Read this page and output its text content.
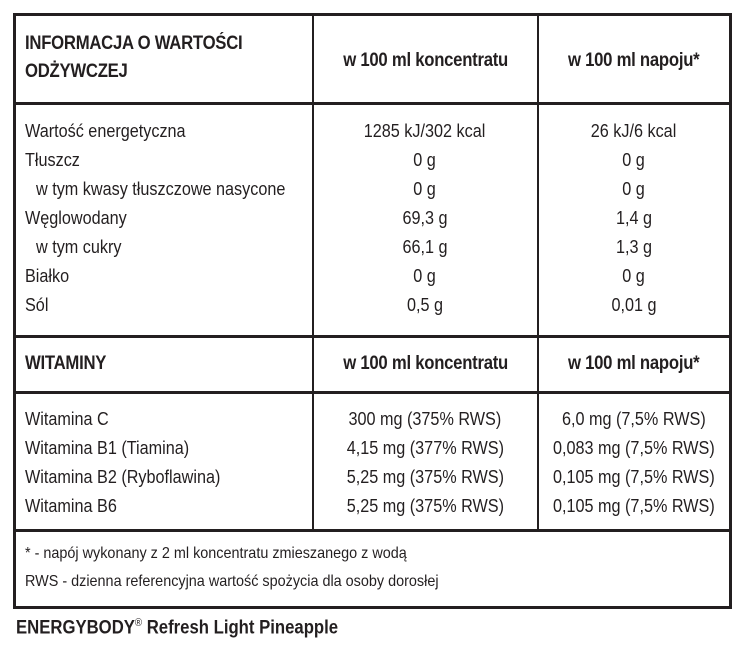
INFORMACJA O WARTOŚCI
ODŻYWCZEJ
w 100 ml koncentratu	w 100 ml napoju*
Wartość energetyczna	1285 kJ/302 kcal	26 kJ/6 kcal
Tłuszcz	0 g	0 g
w tym kwasy tłuszczowe nasycone	0 g	0 g
Węglowodany	69,3 g	1,4 g
w tym cukry	66,1 g	1,3 g
Białko	0 g	0 g
Sól	0,5 g	0,01 g
WITAMINY	w 100 ml koncentratu	w 100 ml napoju*
Witamina C	300 mg (375% RWS)	6,0 mg (7,5% RWS)
Witamina B1 (Tiamina)	4,15 mg (377% RWS)	0,083 mg (7,5% RWS)
Witamina B2 (Ryboflawina)	5,25 mg (375% RWS)	0,105 mg (7,5% RWS)
Witamina B6	5,25 mg (375% RWS)	0,105 mg (7,5% RWS)
* - napój wykonany z 2 ml koncentratu zmieszanego z wodą
RWS - dzienna referencyjna wartość spożycia dla osoby dorosłej
ENERGYBODY® Refresh Light Pineapple
